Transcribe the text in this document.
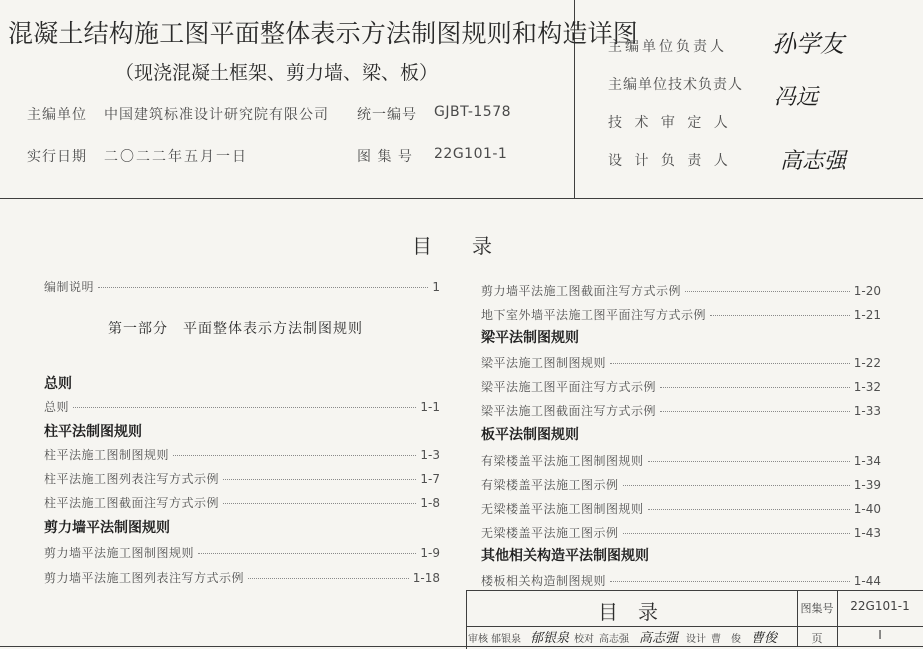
混凝土结构施工图平面整体表示方法制图规则和构造详图
（现浇混凝土框架、剪力墙、梁、板）
主编单位 中国建筑标准设计研究院有限公司 统一编号 GJBT-1578
实行日期 二〇二二年五月一日	图 集 号 22G101-1
主编单位负责人 孙学友
主编单位技术负责人 冯远
技 术 审 定 人
设 计 负 责 人 高志强
目　　录
编制说明	1
第一部分　平面整体表示方法制图规则
总则
总则	1-1
柱平法制图规则
柱平法施工图制图规则	1-3
柱平法施工图列表注写方式示例	1-7
柱平法施工图截面注写方式示例	1-8
剪力墙平法制图规则
剪力墙平法施工图制图规则	1-9
剪力墙平法施工图列表注写方式示例	1-18
剪力墙平法施工图截面注写方式示例	1-20
地下室外墙平法施工图平面注写方式示例	1-21
梁平法制图规则
梁平法施工图制图规则	1-22
梁平法施工图平面注写方式示例	1-32
梁平法施工图截面注写方式示例	1-33
板平法制图规则
有梁楼盖平法施工图制图规则	1-34
有梁楼盖平法施工图示例	1-39
无梁楼盖平法施工图制图规则	1-40
无梁楼盖平法施工图示例	1-43
其他相关构造平法制图规则
楼板相关构造制图规则	1-44
目　录	图集号	22G101-1
页	I
审核 郁银泉 郁银泉 校对 高志强 高志强 设计 曹　俊 曹俊
